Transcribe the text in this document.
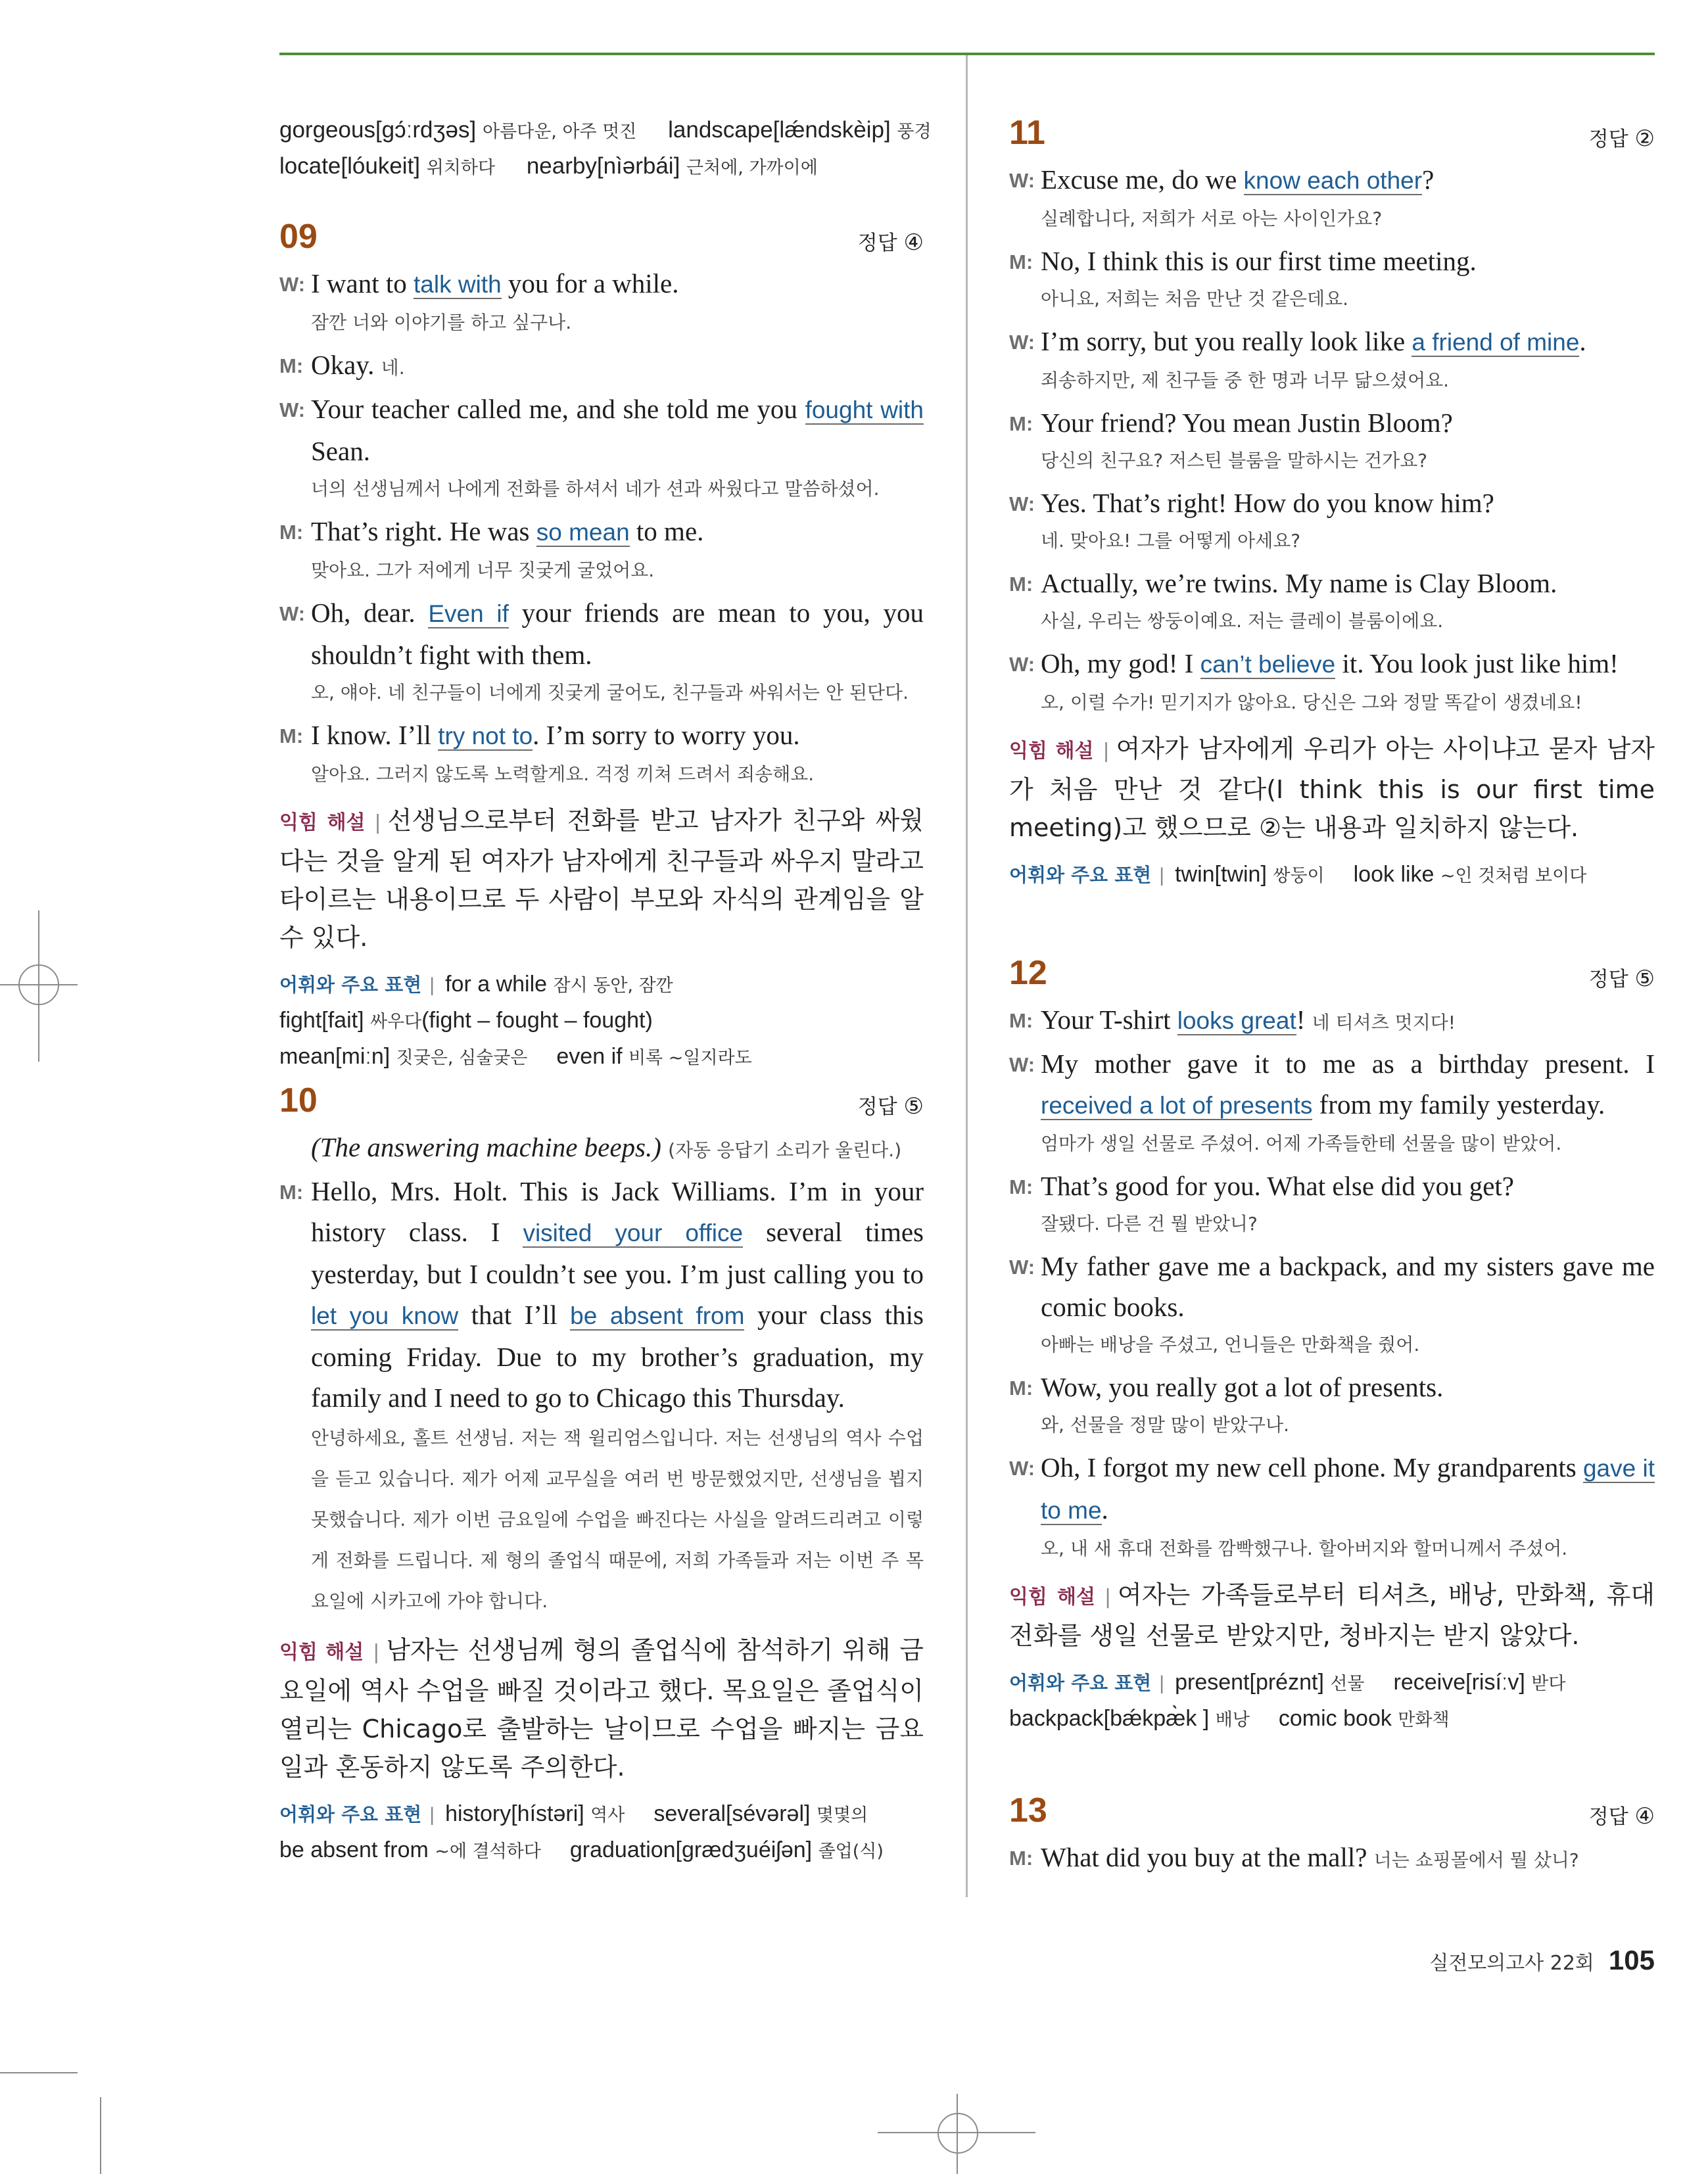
gorgeous[gɔ́ːrdʒəs] 아름다운, 아주 멋진 landscape[lǽndskèip] 풍경
locate[lóukeit] 위치하다 nearby[nìərbái] 근처에, 가까이에
09	정답 ④
W: I want to talk with you for a while.
잠깐 너와 이야기를 하고 싶구나.
M: Okay. 네.
W: Your teacher called me, and she told me you fought with Sean.
너의 선생님께서 나에게 전화를 하셔서 네가 션과 싸웠다고 말씀하셨어.
M: That’s right. He was so mean to me.
맞아요. 그가 저에게 너무 짓궂게 굴었어요.
W: Oh, dear. Even if your friends are mean to you, you shouldn’t fight with them.
오, 얘야. 네 친구들이 너에게 짓궂게 굴어도, 친구들과 싸워서는 안 된단다.
M: I know. I’ll try not to. I’m sorry to worry you.
알아요. 그러지 않도록 노력할게요. 걱정 끼쳐 드려서 죄송해요.
익힘 해설 | 선생님으로부터 전화를 받고 남자가 친구와 싸웠다는 것을 알게 된 여자가 남자에게 친구들과 싸우지 말라고 타이르는 내용이므로 두 사람이 부모와 자식의 관계임을 알 수 있다.
어휘와 주요 표현 | for a while 잠시 동안, 잠깐
fight[fait] 싸우다(fight – fought – fought)
mean[miːn] 짓궂은, 심술궂은 even if 비록 ~일지라도
10	정답 ⑤
(The answering machine beeps.) (자동 응답기 소리가 울린다.)
M: Hello, Mrs. Holt. This is Jack Williams. I’m in your history class. I visited your office several times yesterday, but I couldn’t see you. I’m just calling you to let you know that I’ll be absent from your class this coming Friday. Due to my brother’s graduation, my family and I need to go to Chicago this Thursday.
안녕하세요, 홀트 선생님. 저는 잭 윌리엄스입니다. 저는 선생님의 역사 수업을 듣고 있습니다. 제가 어제 교무실을 여러 번 방문했었지만, 선생님을 뵙지 못했습니다. 제가 이번 금요일에 수업을 빠진다는 사실을 알려드리려고 이렇게 전화를 드립니다. 제 형의 졸업식 때문에, 저희 가족들과 저는 이번 주 목요일에 시카고에 가야 합니다.
익힘 해설 | 남자는 선생님께 형의 졸업식에 참석하기 위해 금요일에 역사 수업을 빠질 것이라고 했다. 목요일은 졸업식이 열리는 Chicago로 출발하는 날이므로 수업을 빠지는 금요일과 혼동하지 않도록 주의한다.
어휘와 주요 표현 | history[hístəri] 역사 several[sévərəl] 몇몇의
be absent from ~에 결석하다 graduation[grædʒuéiʃən] 졸업(식)
11	정답 ②
W: Excuse me, do we know each other?
실례합니다, 저희가 서로 아는 사이인가요?
M: No, I think this is our first time meeting.
아니요, 저희는 처음 만난 것 같은데요.
W: I’m sorry, but you really look like a friend of mine.
죄송하지만, 제 친구들 중 한 명과 너무 닮으셨어요.
M: Your friend? You mean Justin Bloom?
당신의 친구요? 저스틴 블룸을 말하시는 건가요?
W: Yes. That’s right! How do you know him?
네. 맞아요! 그를 어떻게 아세요?
M: Actually, we’re twins. My name is Clay Bloom.
사실, 우리는 쌍둥이예요. 저는 클레이 블룸이에요.
W: Oh, my god! I can’t believe it. You look just like him!
오, 이럴 수가! 믿기지가 않아요. 당신은 그와 정말 똑같이 생겼네요!
익힘 해설 | 여자가 남자에게 우리가 아는 사이냐고 묻자 남자가 처음 만난 것 같다(I think this is our first time meeting)고 했으므로 ②는 내용과 일치하지 않는다.
어휘와 주요 표현 | twin[twin] 쌍둥이 look like ~인 것처럼 보이다
12	정답 ⑤
M: Your T-shirt looks great! 네 티셔츠 멋지다!
W: My mother gave it to me as a birthday present. I received a lot of presents from my family yesterday.
엄마가 생일 선물로 주셨어. 어제 가족들한테 선물을 많이 받았어.
M: That’s good for you. What else did you get?
잘됐다. 다른 건 뭘 받았니?
W: My father gave me a backpack, and my sisters gave me comic books.
아빠는 배낭을 주셨고, 언니들은 만화책을 줬어.
M: Wow, you really got a lot of presents.
와, 선물을 정말 많이 받았구나.
W: Oh, I forgot my new cell phone. My grandparents gave it to me.
오, 내 새 휴대 전화를 깜빡했구나. 할아버지와 할머니께서 주셨어.
익힘 해설 | 여자는 가족들로부터 티셔츠, 배낭, 만화책, 휴대 전화를 생일 선물로 받았지만, 청바지는 받지 않았다.
어휘와 주요 표현 | present[préznt] 선물 receive[risíːv] 받다
backpack[bǽkpæ̀k ] 배낭 comic book 만화책
13	정답 ④
M: What did you buy at the mall? 너는 쇼핑몰에서 뭘 샀니?
실전모의고사 22회 105
